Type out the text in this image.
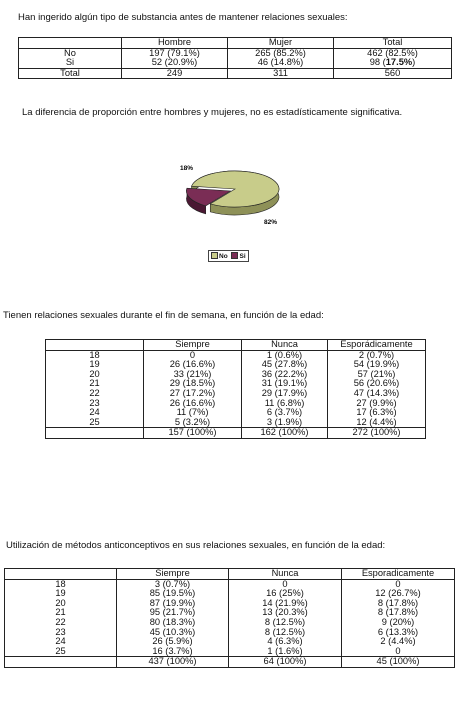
Han ingerido algún tipo de substancia antes de mantener relaciones sexuales:
	Hombre	Mujer	Total
No	197 (79.1%)	265 (85.2%)	462 (82.5%)
Si	52 (20.9%)	46 (14.8%)	98 (17.5%)
Total	249	311	560
La diferencia de proporción entre hombres y mujeres, no es estadísticamente significativa.
82%
18%
No Si
Tienen relaciones sexuales durante el fin de semana, en función de la edad:
	Siempre	Nunca	Esporádicamente
18	0	1 (0.6%)	2 (0.7%)
19	26 (16.6%)	45 (27.8%)	54 (19.9%)
20	33 (21%)	36 (22.2%)	57 (21%)
21	29 (18.5%)	31 (19.1%)	56 (20.6%)
22	27 (17.2%)	29 (17.9%)	47 (14.3%)
23	26 (16.6%)	11 (6.8%)	27 (9.9%)
24	11 (7%)	6 (3.7%)	17 (6.3%)
25	5 (3.2%)	3 (1.9%)	12 (4.4%)
	157 (100%)	162 (100%)	272 (100%)
Utilización de métodos anticonceptivos en sus relaciones sexuales, en función de la edad:
	Siempre	Nunca	Esporadicamente
18	3 (0.7%)	0	0
19	85 (19.5%)	16 (25%)	12 (26.7%)
20	87 (19.9%)	14 (21.9%)	8 (17.8%)
21	95 (21.7%)	13 (20.3%)	8 (17.8%)
22	80 (18.3%)	8 (12.5%)	9 (20%)
23	45 (10.3%)	8 (12.5%)	6 (13.3%)
24	26 (5.9%)	4 (6.3%)	2 (4.4%)
25	16 (3.7%)	1 (1.6%)	0
	437 (100%)	64 (100%)	45 (100%)
